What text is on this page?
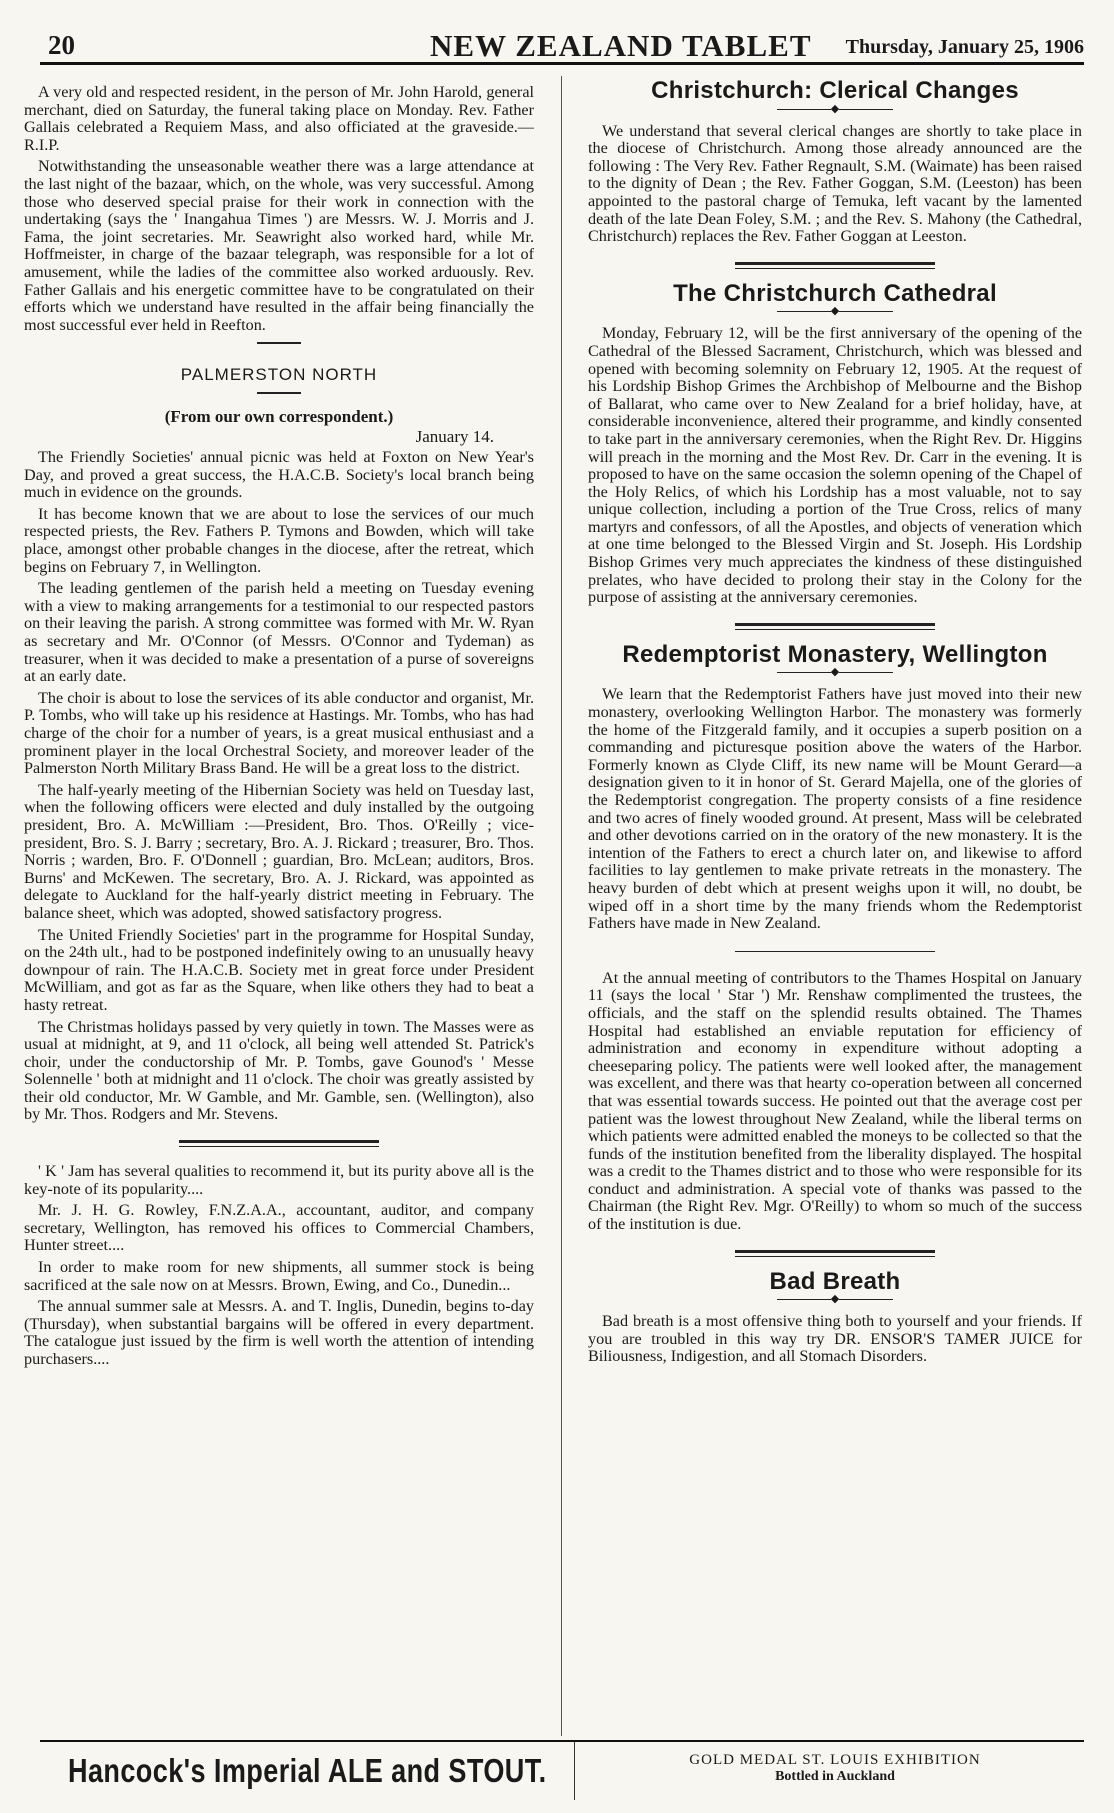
20	NEW ZEALAND TABLET Thursday, January 25, 1906

A very old and respected resident, in the person of Mr. John Harold, general merchant, died on Saturday, the funeral taking place on Monday. Rev. Father Gallais celebrated a Requiem Mass, and also officiated at the graveside.—R.I.P.

Notwithstanding the unseasonable weather there was a large attendance at the last night of the bazaar, which, on the whole, was very successful. Among those who deserved special praise for their work in connection with the undertaking (says the ' Inangahua Times ') are Messrs. W. J. Morris and J. Fama, the joint secretaries. Mr. Seawright also worked hard, while Mr. Hoffmeister, in charge of the bazaar telegraph, was responsible for a lot of amusement, while the ladies of the committee also worked arduously. Rev. Father Gallais and his energetic committee have to be congratulated on their efforts which we understand have resulted in the affair being financially the most successful ever held in Reefton.

PALMERSTON NORTH

(From our own correspondent.)

January 14.

The Friendly Societies' annual picnic was held at Foxton on New Year's Day, and proved a great success, the H.A.C.B. Society's local branch being much in evidence on the grounds.

It has become known that we are about to lose the services of our much respected priests, the Rev. Fathers P. Tymons and Bowden, which will take place, amongst other probable changes in the diocese, after the retreat, which begins on February 7, in Wellington.

The leading gentlemen of the parish held a meeting on Tuesday evening with a view to making arrangements for a testimonial to our respected pastors on their leaving the parish. A strong committee was formed with Mr. W. Ryan as secretary and Mr. O'Connor (of Messrs. O'Connor and Tydeman) as treasurer, when it was decided to make a presentation of a purse of sovereigns at an early date.

The choir is about to lose the services of its able conductor and organist, Mr. P. Tombs, who will take up his residence at Hastings. Mr. Tombs, who has had charge of the choir for a number of years, is a great musical enthusiast and a prominent player in the local Orchestral Society, and moreover leader of the Palmerston North Military Brass Band. He will be a great loss to the district.

The half-yearly meeting of the Hibernian Society was held on Tuesday last, when the following officers were elected and duly installed by the outgoing president, Bro. A. McWilliam :—President, Bro. Thos. O'Reilly ; vice-president, Bro. S. J. Barry ; secretary, Bro. A. J. Rickard ; treasurer, Bro. Thos. Norris ; warden, Bro. F. O'Donnell ; guardian, Bro. McLean; auditors, Bros. Burns' and McKewen. The secretary, Bro. A. J. Rickard, was appointed as delegate to Auckland for the half-yearly district meeting in February. The balance sheet, which was adopted, showed satisfactory progress.

The United Friendly Societies' part in the programme for Hospital Sunday, on the 24th ult., had to be postponed indefinitely owing to an unusually heavy downpour of rain. The H.A.C.B. Society met in great force under President McWilliam, and got as far as the Square, when like others they had to beat a hasty retreat.

The Christmas holidays passed by very quietly in town. The Masses were as usual at midnight, at 9, and 11 o'clock, all being well attended St. Patrick's choir, under the conductorship of Mr. P. Tombs, gave Gounod's ' Messe Solennelle ' both at midnight and 11 o'clock. The choir was greatly assisted by their old conductor, Mr. W Gamble, and Mr. Gamble, sen. (Wellington), also by Mr. Thos. Rodgers and Mr. Stevens.

' K ' Jam has several qualities to recommend it, but its purity above all is the key-note of its popularity....

Mr. J. H. G. Rowley, F.N.Z.A.A., accountant, auditor, and company secretary, Wellington, has removed his offices to Commercial Chambers, Hunter street....

In order to make room for new shipments, all summer stock is being sacrificed at the sale now on at Messrs. Brown, Ewing, and Co., Dunedin...

The annual summer sale at Messrs. A. and T. Inglis, Dunedin, begins to-day (Thursday), when substantial bargains will be offered in every department. The catalogue just issued by the firm is well worth the attention of intending purchasers....

Christchurch: Clerical Changes
◆

We understand that several clerical changes are shortly to take place in the diocese of Christchurch. Among those already announced are the following : The Very Rev. Father Regnault, S.M. (Waimate) has been raised to the dignity of Dean ; the Rev. Father Goggan, S.M. (Leeston) has been appointed to the pastoral charge of Temuka, left vacant by the lamented death of the late Dean Foley, S.M. ; and the Rev. S. Mahony (the Cathedral, Christchurch) replaces the Rev. Father Goggan at Leeston.

The Christchurch Cathedral
◆

Monday, February 12, will be the first anniversary of the opening of the Cathedral of the Blessed Sacrament, Christchurch, which was blessed and opened with becoming solemnity on February 12, 1905. At the request of his Lordship Bishop Grimes the Archbishop of Melbourne and the Bishop of Ballarat, who came over to New Zealand for a brief holiday, have, at considerable inconvenience, altered their programme, and kindly consented to take part in the anniversary ceremonies, when the Right Rev. Dr. Higgins will preach in the morning and the Most Rev. Dr. Carr in the evening. It is proposed to have on the same occasion the solemn opening of the Chapel of the Holy Relics, of which his Lordship has a most valuable, not to say unique collection, including a portion of the True Cross, relics of many martyrs and confessors, of all the Apostles, and objects of veneration which at one time belonged to the Blessed Virgin and St. Joseph. His Lordship Bishop Grimes very much appreciates the kindness of these distinguished prelates, who have decided to prolong their stay in the Colony for the purpose of assisting at the anniversary ceremonies.

Redemptorist Monastery, Wellington
◆

We learn that the Redemptorist Fathers have just moved into their new monastery, overlooking Wellington Harbor. The monastery was formerly the home of the Fitzgerald family, and it occupies a superb position on a commanding and picturesque position above the waters of the Harbor. Formerly known as Clyde Cliff, its new name will be Mount Gerard—a designation given to it in honor of St. Gerard Majella, one of the glories of the Redemptorist congregation. The property consists of a fine residence and two acres of finely wooded ground. At present, Mass will be celebrated and other devotions carried on in the oratory of the new monastery. It is the intention of the Fathers to erect a church later on, and likewise to afford facilities to lay gentlemen to make private retreats in the monastery. The heavy burden of debt which at present weighs upon it will, no doubt, be wiped off in a short time by the many friends whom the Redemptorist Fathers have made in New Zealand.

At the annual meeting of contributors to the Thames Hospital on January 11 (says the local ' Star ') Mr. Renshaw complimented the trustees, the officials, and the staff on the splendid results obtained. The Thames Hospital had established an enviable reputation for efficiency of administration and economy in expenditure without adopting a cheeseparing policy. The patients were well looked after, the management was excellent, and there was that hearty co-operation between all concerned that was essential towards success. He pointed out that the average cost per patient was the lowest throughout New Zealand, while the liberal terms on which patients were admitted enabled the moneys to be collected so that the funds of the institution benefited from the liberality displayed. The hospital was a credit to the Thames district and to those who were responsible for its conduct and administration. A special vote of thanks was passed to the Chairman (the Right Rev. Mgr. O'Reilly) to whom so much of the success of the institution is due.

Bad Breath
◆

Bad breath is a most offensive thing both to yourself and your friends. If you are troubled in this way try DR. ENSOR'S TAMER JUICE for Biliousness, Indigestion, and all Stomach Disorders.

Hancock's Imperial ALE and STOUT.	GOLD MEDAL ST. LOUIS EXHIBITION
Bottled in Auckland
